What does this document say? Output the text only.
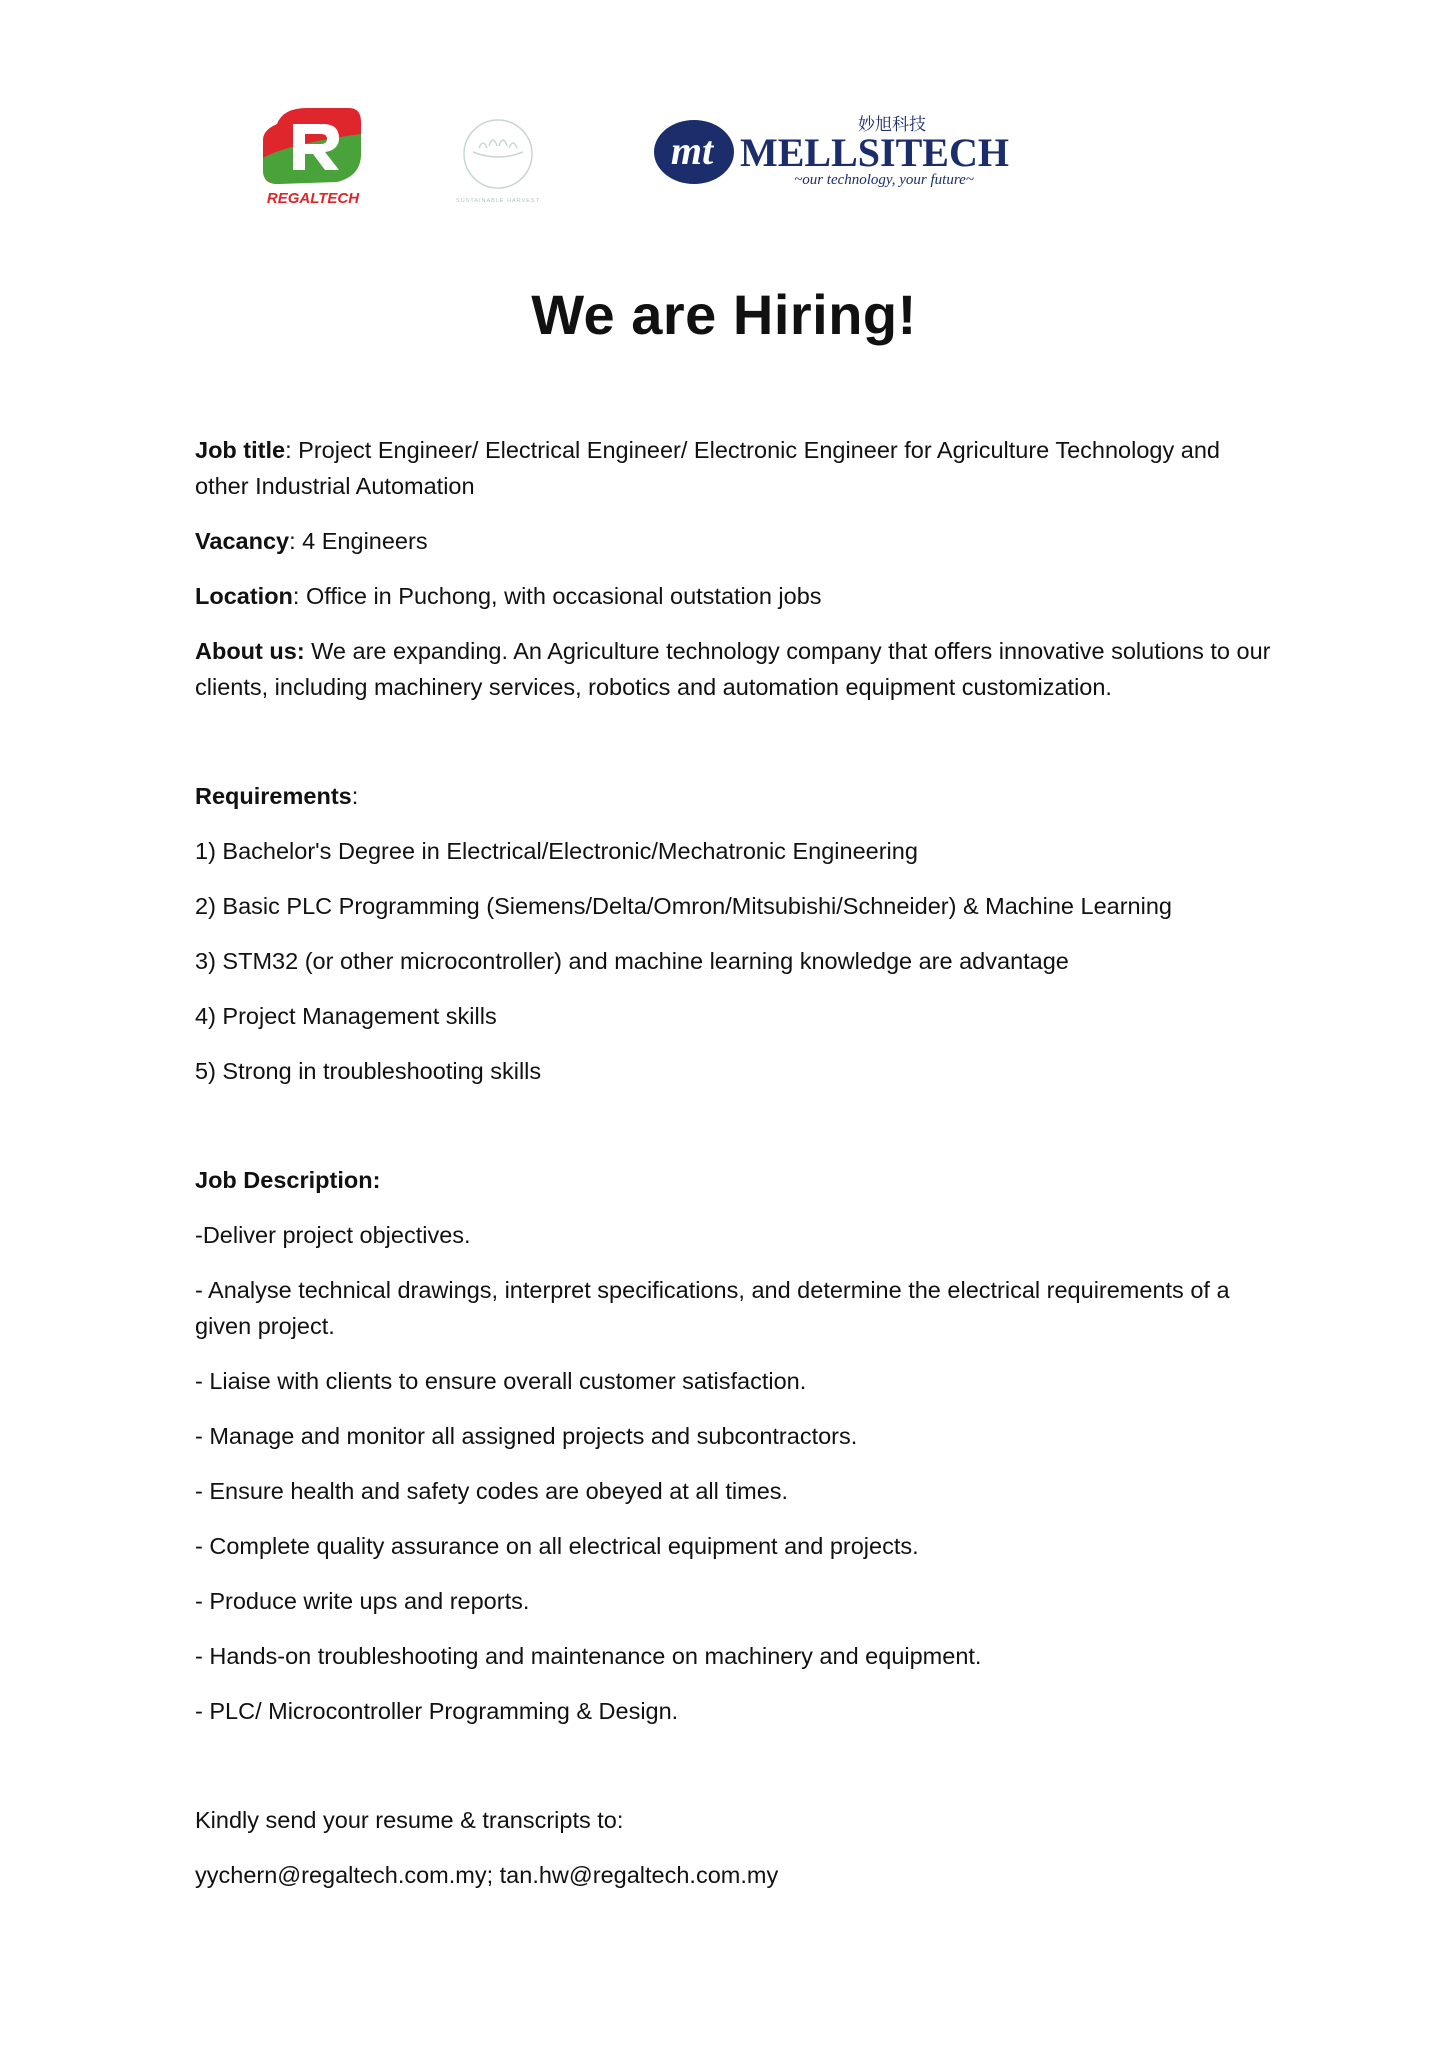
REGALTECH	SUSTAINABLE HARVEST
mt
妙旭科技
MELLSITECH
~our technology, your future~
We are Hiring!

Job title: Project Engineer/ Electrical Engineer/ Electronic Engineer for Agriculture Technology and other Industrial Automation

Vacancy: 4 Engineers

Location: Office in Puchong, with occasional outstation jobs

About us: We are expanding. An Agriculture technology company that offers innovative solutions to our clients, including machinery services, robotics and automation equipment customization.

Requirements:

1) Bachelor's Degree in Electrical/Electronic/Mechatronic Engineering

2) Basic PLC Programming (Siemens/Delta/Omron/Mitsubishi/Schneider) & Machine Learning

3) STM32 (or other microcontroller) and machine learning knowledge are advantage

4) Project Management skills

5) Strong in troubleshooting skills

Job Description:

-Deliver project objectives.

- Analyse technical drawings, interpret specifications, and determine the electrical requirements of a given project.

- Liaise with clients to ensure overall customer satisfaction.

- Manage and monitor all assigned projects and subcontractors.

- Ensure health and safety codes are obeyed at all times.

- Complete quality assurance on all electrical equipment and projects.

- Produce write ups and reports.

- Hands-on troubleshooting and maintenance on machinery and equipment.

- PLC/ Microcontroller Programming & Design.

Kindly send your resume & transcripts to:

yychern@regaltech.com.my; tan.hw@regaltech.com.my
